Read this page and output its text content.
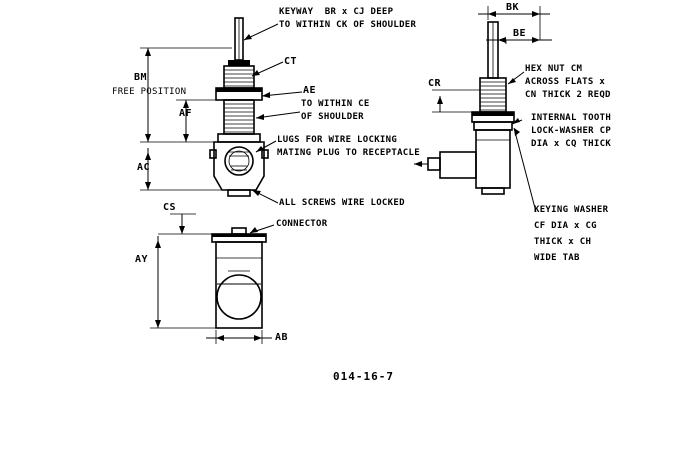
BM
FREE POSITION
AF
AC
CT
AE
KEYWAY  BR x CJ DEEP
TO WITHIN CK OF SHOULDER
TO WITHIN CE
OF SHOULDER
LUGS FOR WIRE LOCKING
MATING PLUG TO RECEPTACLE
ALL SCREWS WIRE LOCKED
CS
AY
AB
CONNECTOR
BK
BE
CR
HEX NUT CM
ACROSS FLATS x
CN THICK 2 REQD
INTERNAL TOOTH
LOCK-WASHER CP
DIA x CQ THICK
KEYING WASHER
CF DIA x CG
THICK x CH
WIDE TAB
014-16-7
